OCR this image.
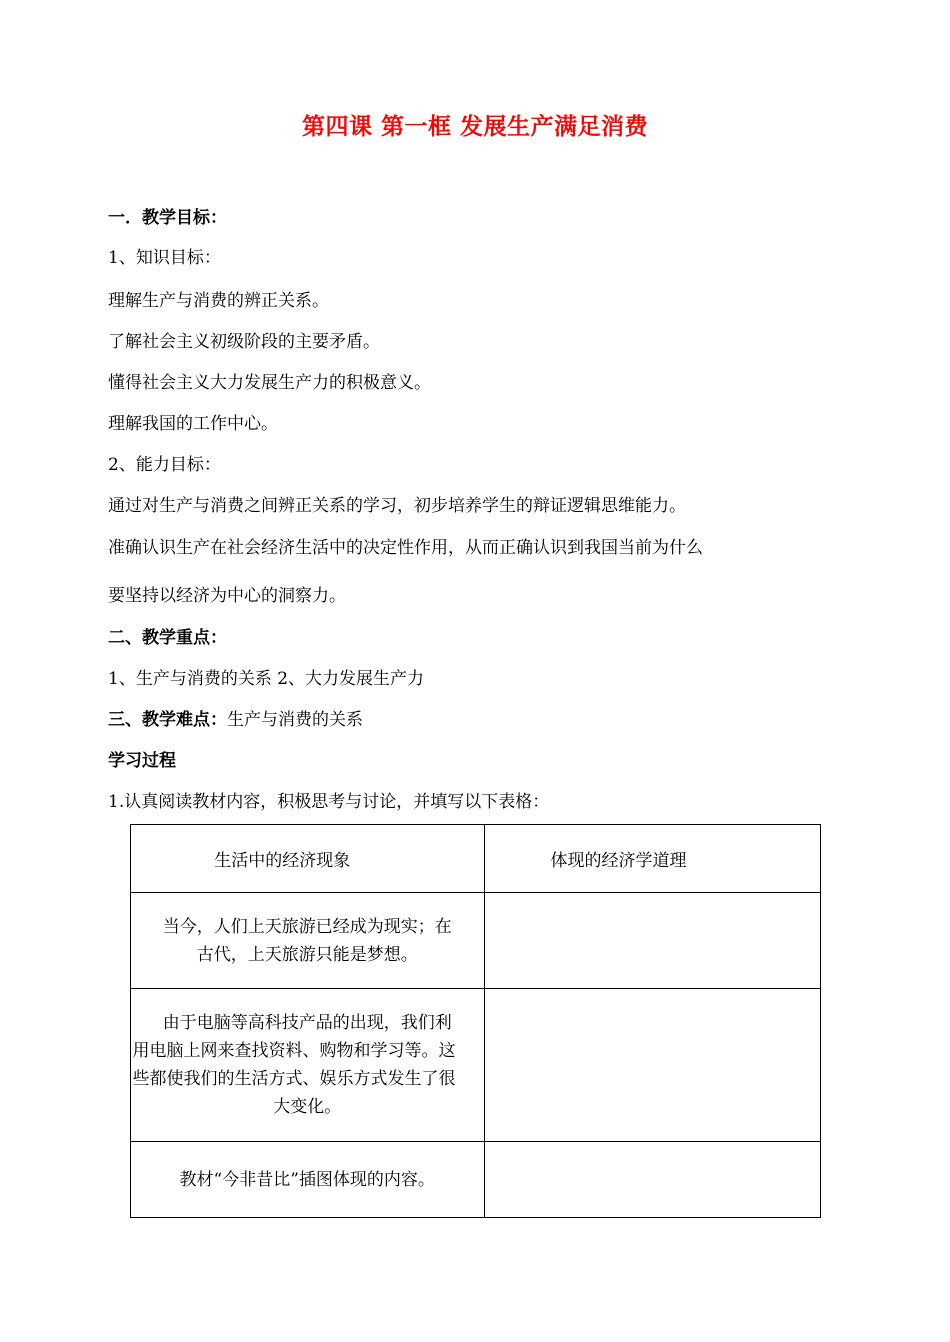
第四课 第一框 发展生产满足消费
一．教学目标：
1、知识目标：
理解生产与消费的辨正关系。
了解社会主义初级阶段的主要矛盾。
懂得社会主义大力发展生产力的积极意义。
理解我国的工作中心。
2、能力目标：
通过对生产与消费之间辨正关系的学习，初步培养学生的辩证逻辑思维能力。
准确认识生产在社会经济生活中的决定性作用，从而正确认识到我国当前为什么
要坚持以经济为中心的洞察力。
二、教学重点：
1、生产与消费的关系 2、大力发展生产力
三、教学难点：生产与消费的关系
学习过程
1.认真阅读教材内容，积极思考与讨论，并填写以下表格：
生活中的经济现象	体现的经济学道理

当今，人们上天旅游已经成为现实；在
古代，上天旅游只能是梦想。	

由于电脑等高科技产品的出现，我们利
用电脑上网来查找资料、购物和学习等。这
些都使我们的生活方式、娱乐方式发生了很
大变化。	

教材“今非昔比”插图体现的内容。	
